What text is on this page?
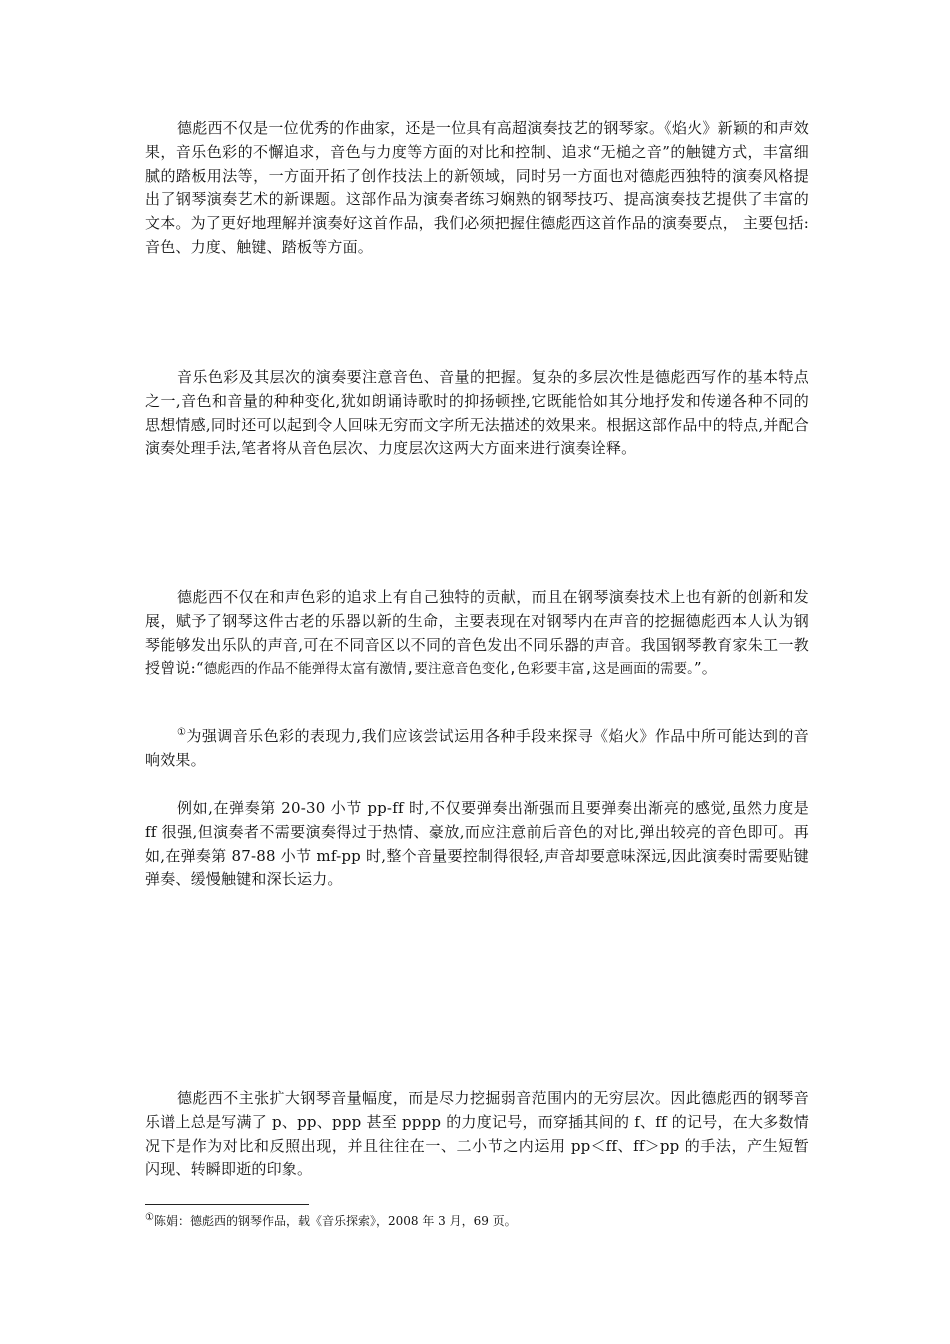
德彪西不仅是一位优秀的作曲家，还是一位具有高超演奏技艺的钢琴家。《焰火》新颖的和声效果，音乐色彩的不懈追求，音色与力度等方面的对比和控制、追求“无槌之音”的触键方式，丰富细腻的踏板用法等，一方面开拓了创作技法上的新领域，同时另一方面也对德彪西独特的演奏风格提出了钢琴演奏艺术的新课题。这部作品为演奏者练习娴熟的钢琴技巧、提高演奏技艺提供了丰富的文本。为了更好地理解并演奏好这首作品，我们必须把握住德彪西这首作品的演奏要点， 主要包括:音色、力度、触键、踏板等方面。

音乐色彩及其层次的演奏要注意音色、音量的把握。复杂的多层次性是德彪西写作的基本特点之一,音色和音量的种种变化,犹如朗诵诗歌时的抑扬顿挫,它既能恰如其分地抒发和传递各种不同的思想情感,同时还可以起到令人回味无穷而文字所无法描述的效果来。根据这部作品中的特点,并配合演奏处理手法,笔者将从音色层次、力度层次这两大方面来进行演奏诠释。

德彪西不仅在和声色彩的追求上有自己独特的贡献，而且在钢琴演奏技术上也有新的创新和发展，赋予了钢琴这件古老的乐器以新的生命，主要表现在对钢琴内在声音的挖掘德彪西本人认为钢琴能够发出乐队的声音,可在不同音区以不同的音色发出不同乐器的声音。我国钢琴教育家朱工一教授曾说:“德彪西的作品不能弹得太富有激情,要注意音色变化,色彩要丰富,这是画面的需要。”。

①为强调音乐色彩的表现力,我们应该尝试运用各种手段来探寻《焰火》作品中所可能达到的音响效果。

例如,在弹奏第 20-30 小节 pp-ff 时,不仅要弹奏出渐强而且要弹奏出渐亮的感觉,虽然力度是 ff 很强,但演奏者不需要演奏得过于热情、豪放,而应注意前后音色的对比,弹出较亮的音色即可。再如,在弹奏第 87-88 小节 mf-pp 时,整个音量要控制得很轻,声音却要意味深远,因此演奏时需要贴键弹奏、缓慢触键和深长运力。

德彪西不主张扩大钢琴音量幅度，而是尽力挖掘弱音范围内的无穷层次。因此德彪西的钢琴音乐谱上总是写满了 p、pp、ppp 甚至 pppp 的力度记号，而穿插其间的 f、ff 的记号，在大多数情况下是作为对比和反照出现，并且往往在一、二小节之内运用 pp＜ff、ff＞pp 的手法，产生短暂闪现、转瞬即逝的印象。

①陈娟：德彪西的钢琴作品，载《音乐探索》，2008 年 3 月，69 页。
